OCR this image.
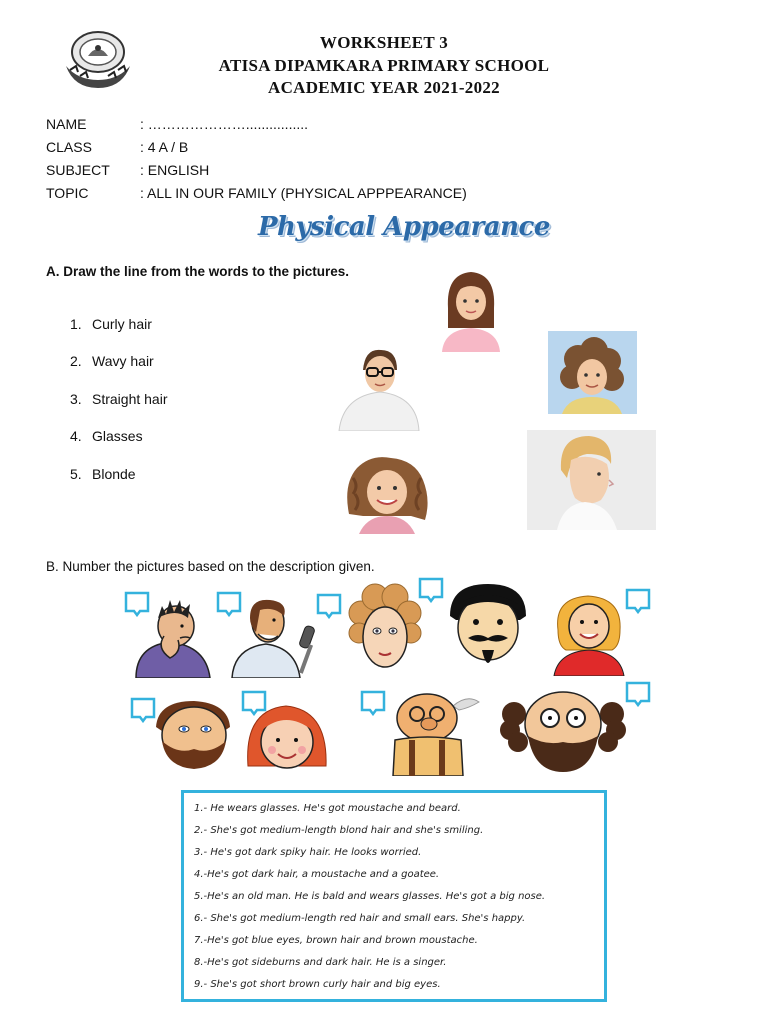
WORKSHEET 3
ATISA DIPAMKARA PRIMARY SCHOOL
ACADEMIC YEAR 2021-2022
NAME	: …………………................
CLASS	: 4 A / B
SUBJECT : ENGLISH
TOPIC	: ALL IN OUR FAMILY (PHYSICAL APPPEARANCE)
Physical Appearance
A. Draw the line from the words to the pictures.
1. Curly hair
2. Wavy hair
3. Straight hair
4. Glasses
5. Blonde
B. Number the pictures based on the description given.
1.- He wears glasses. He's got moustache and beard.
2.- She's got medium-length blond hair and she's smiling.
3.- He's got dark spiky hair. He looks worried.
4.-He's got dark hair, a moustache and a goatee.
5.-He's an old man. He is bald and wears glasses. He's got a big nose.
6.- She's got medium-length red hair and small ears. She's happy.
7.-He's got blue eyes, brown hair and brown moustache.
8.-He's got sideburns and dark hair. He is a singer.
9.- She's got short brown curly hair and big eyes.
